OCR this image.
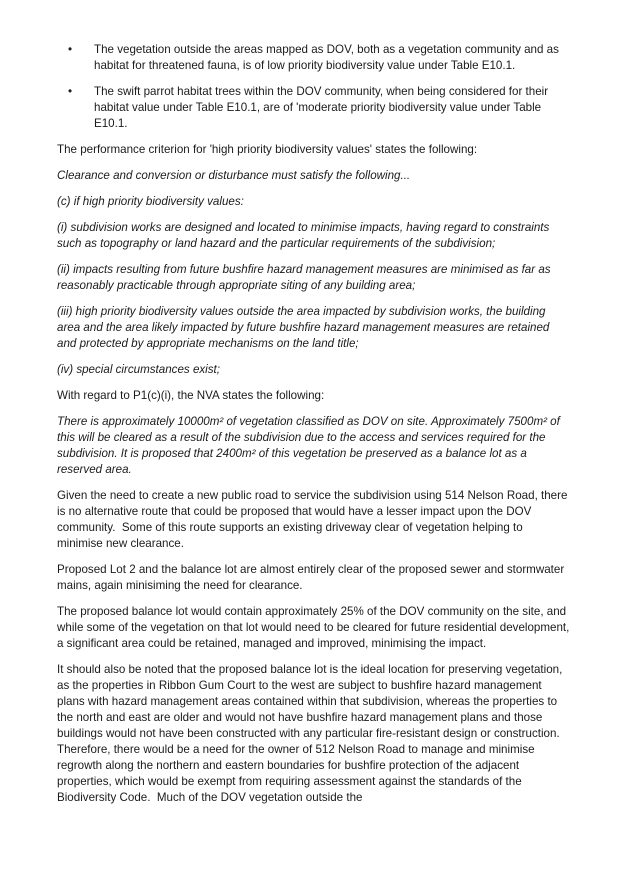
•	The vegetation outside the areas mapped as DOV, both as a vegetation community and as habitat for threatened fauna, is of low priority biodiversity value under Table E10.1.
•	The swift parrot habitat trees within the DOV community, when being considered for their habitat value under Table E10.1, are of 'moderate priority biodiversity value under Table E10.1.

The performance criterion for 'high priority biodiversity values' states the following:

Clearance and conversion or disturbance must satisfy the following...

(c) if high priority biodiversity values:

(i) subdivision works are designed and located to minimise impacts, having regard to constraints such as topography or land hazard and the particular requirements of the subdivision;

(ii) impacts resulting from future bushfire hazard management measures are minimised as far as reasonably practicable through appropriate siting of any building area;

(iii) high priority biodiversity values outside the area impacted by subdivision works, the building area and the area likely impacted by future bushfire hazard management measures are retained and protected by appropriate mechanisms on the land title;

(iv) special circumstances exist;

With regard to P1(c)(i), the NVA states the following:

There is approximately 10000m² of vegetation classified as DOV on site. Approximately 7500m² of this will be cleared as a result of the subdivision due to the access and services required for the subdivision. It is proposed that 2400m² of this vegetation be preserved as a balance lot as a reserved area.

Given the need to create a new public road to service the subdivision using 514 Nelson Road, there is no alternative route that could be proposed that would have a lesser impact upon the DOV community.  Some of this route supports an existing driveway clear of vegetation helping to minimise new clearance.

Proposed Lot 2 and the balance lot are almost entirely clear of the proposed sewer and stormwater mains, again minisiming the need for clearance.

The proposed balance lot would contain approximately 25% of the DOV community on the site, and while some of the vegetation on that lot would need to be cleared for future residential development, a significant area could be retained, managed and improved, minimising the impact.

It should also be noted that the proposed balance lot is the ideal location for preserving vegetation, as the properties in Ribbon Gum Court to the west are subject to bushfire hazard management plans with hazard management areas contained within that subdivision, whereas the properties to the north and east are older and would not have bushfire hazard management plans and those buildings would not have been constructed with any particular fire-resistant design or construction.  Therefore, there would be a need for the owner of 512 Nelson Road to manage and minimise regrowth along the northern and eastern boundaries for bushfire protection of the adjacent properties, which would be exempt from requiring assessment against the standards of the Biodiversity Code.  Much of the DOV vegetation outside the
